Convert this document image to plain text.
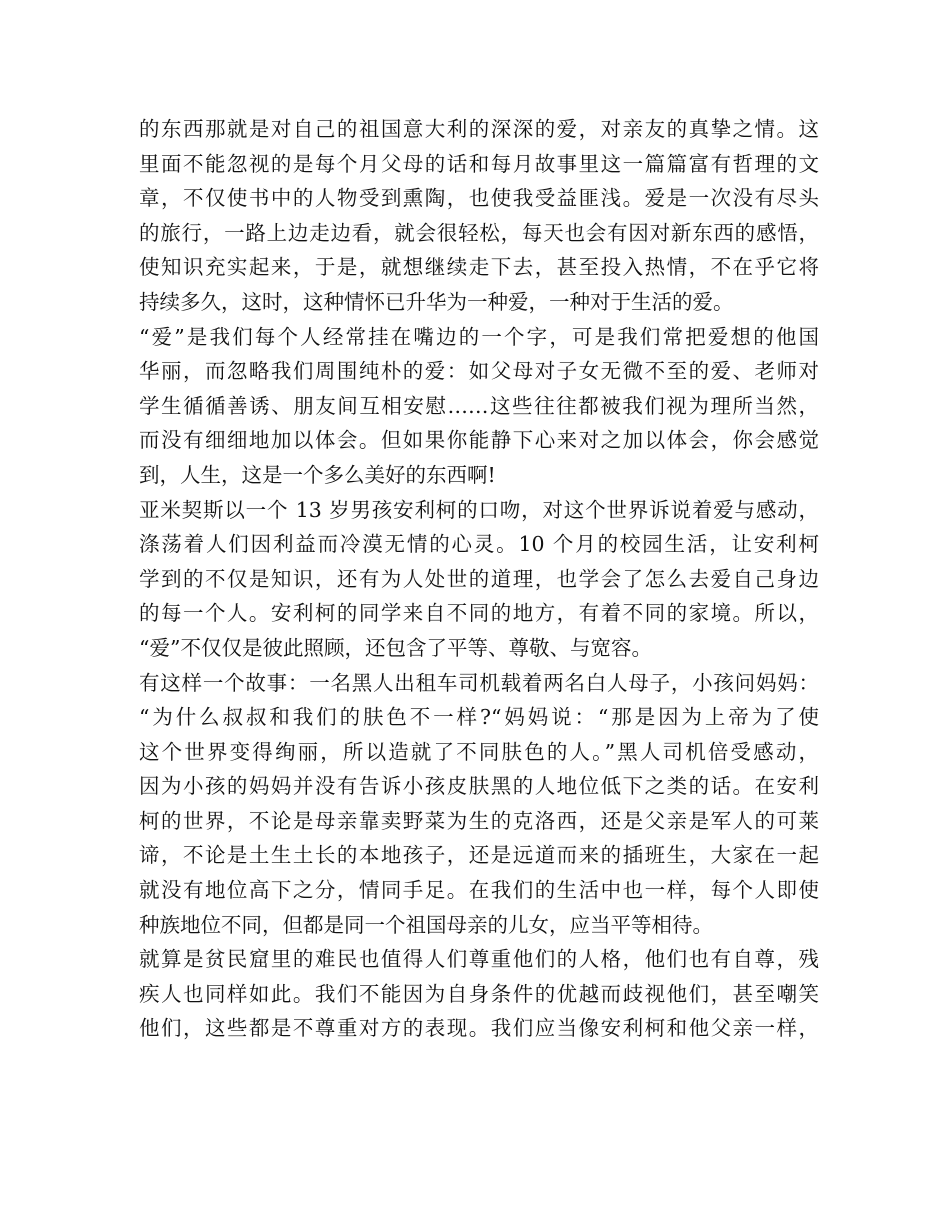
的东西那就是对自己的祖国意大利的深深的爱，对亲友的真挚之情。这
里面不能忽视的是每个月父母的话和每月故事里这一篇篇富有哲理的文
章，不仅使书中的人物受到熏陶，也使我受益匪浅。爱是一次没有尽头
的旅行，一路上边走边看，就会很轻松，每天也会有因对新东西的感悟，
使知识充实起来，于是，就想继续走下去，甚至投入热情，不在乎它将
持续多久，这时，这种情怀已升华为一种爱，一种对于生活的爱。
“爱”是我们每个人经常挂在嘴边的一个字，可是我们常把爱想的他国
华丽，而忽略我们周围纯朴的爱：如父母对子女无微不至的爱、老师对
学生循循善诱、朋友间互相安慰……这些往往都被我们视为理所当然，
而没有细细地加以体会。但如果你能静下心来对之加以体会，你会感觉
到，人生，这是一个多么美好的东西啊!
亚米契斯以一个 13 岁男孩安利柯的口吻，对这个世界诉说着爱与感动，
涤荡着人们因利益而冷漠无情的心灵。10 个月的校园生活，让安利柯
学到的不仅是知识，还有为人处世的道理，也学会了怎么去爱自己身边
的每一个人。安利柯的同学来自不同的地方，有着不同的家境。所以，
“爱”不仅仅是彼此照顾，还包含了平等、尊敬、与宽容。
有这样一个故事：一名黑人出租车司机载着两名白人母子，小孩问妈妈：
“为什么叔叔和我们的肤色不一样?“妈妈说：“那是因为上帝为了使
这个世界变得绚丽，所以造就了不同肤色的人。”黑人司机倍受感动，
因为小孩的妈妈并没有告诉小孩皮肤黑的人地位低下之类的话。在安利
柯的世界，不论是母亲靠卖野菜为生的克洛西，还是父亲是军人的可莱
谛，不论是土生土长的本地孩子，还是远道而来的插班生，大家在一起
就没有地位高下之分，情同手足。在我们的生活中也一样，每个人即使
种族地位不同，但都是同一个祖国母亲的儿女，应当平等相待。
就算是贫民窟里的难民也值得人们尊重他们的人格，他们也有自尊，残
疾人也同样如此。我们不能因为自身条件的优越而歧视他们，甚至嘲笑
他们，这些都是不尊重对方的表现。我们应当像安利柯和他父亲一样，
